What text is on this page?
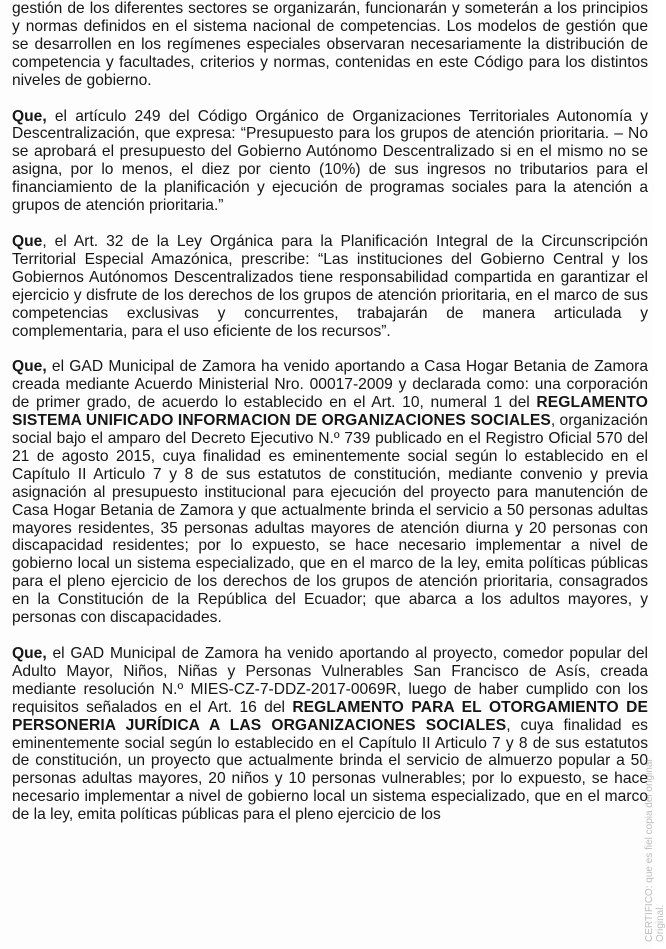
gestión de los diferentes sectores se organizarán, funcionarán y someterán a los principios y normas definidos en el sistema nacional de competencias. Los modelos de gestión que se desarrollen en los regímenes especiales observaran necesariamente la distribución de competencia y facultades, criterios y normas, contenidas en este Código para los distintos niveles de gobierno.

Que, el artículo 249 del Código Orgánico de Organizaciones Territoriales Autonomía y Descentralización, que expresa: “Presupuesto para los grupos de atención prioritaria. – No se aprobará el presupuesto del Gobierno Autónomo Descentralizado si en el mismo no se asigna, por lo menos, el diez por ciento (10%) de sus ingresos no tributarios para el financiamiento de la planificación y ejecución de programas sociales para la atención a grupos de atención prioritaria.”

Que, el Art. 32 de la Ley Orgánica para la Planificación Integral de la Circunscripción Territorial Especial Amazónica, prescribe: “Las instituciones del Gobierno Central y los Gobiernos Autónomos Descentralizados tiene responsabilidad compartida en garantizar el ejercicio y disfrute de los derechos de los grupos de atención prioritaria, en el marco de sus competencias exclusivas y concurrentes, trabajarán de manera articulada y complementaria, para el uso eficiente de los recursos”.

Que, el GAD Municipal de Zamora ha venido aportando a Casa Hogar Betania de Zamora creada mediante Acuerdo Ministerial Nro. 00017-2009 y declarada como: una corporación de primer grado, de acuerdo lo establecido en el Art. 10, numeral 1 del REGLAMENTO SISTEMA UNIFICADO INFORMACION DE ORGANIZACIONES SOCIALES, organización social bajo el amparo del Decreto Ejecutivo N.º 739 publicado en el Registro Oficial 570 del 21 de agosto 2015, cuya finalidad es eminentemente social según lo establecido en el Capítulo II Articulo 7 y 8 de sus estatutos de constitución, mediante convenio y previa asignación al presupuesto institucional para ejecución del proyecto para manutención de Casa Hogar Betania de Zamora y que actualmente brinda el servicio a 50 personas adultas mayores residentes, 35 personas adultas mayores de atención diurna y 20 personas con discapacidad residentes; por lo expuesto, se hace necesario implementar a nivel de gobierno local un sistema especializado, que en el marco de la ley, emita políticas públicas para el pleno ejercicio de los derechos de los grupos de atención prioritaria, consagrados en la Constitución de la República del Ecuador; que abarca a los adultos mayores, y personas con discapacidades.

Que, el GAD Municipal de Zamora ha venido aportando al proyecto, comedor popular del Adulto Mayor, Niños, Niñas y Personas Vulnerables San Francisco de Asís, creada mediante resolución N.º MIES-CZ-7-DDZ-2017-0069R, luego de haber cumplido con los requisitos señalados en el Art. 16 del REGLAMENTO PARA EL OTORGAMIENTO DE PERSONERIA JURÍDICA A LAS ORGANIZACIONES SOCIALES, cuya finalidad es eminentemente social según lo establecido en el Capítulo II Articulo 7 y 8 de sus estatutos de constitución, un proyecto que actualmente brinda el servicio de almuerzo popular a 50 personas adultas mayores, 20 niños y 10 personas vulnerables; por lo expuesto, se hace necesario implementar a nivel de gobierno local un sistema especializado, que en el marco de la ley, emita políticas públicas para el pleno ejercicio de los	CERTIFICO: que es fiel copia del original Original.
